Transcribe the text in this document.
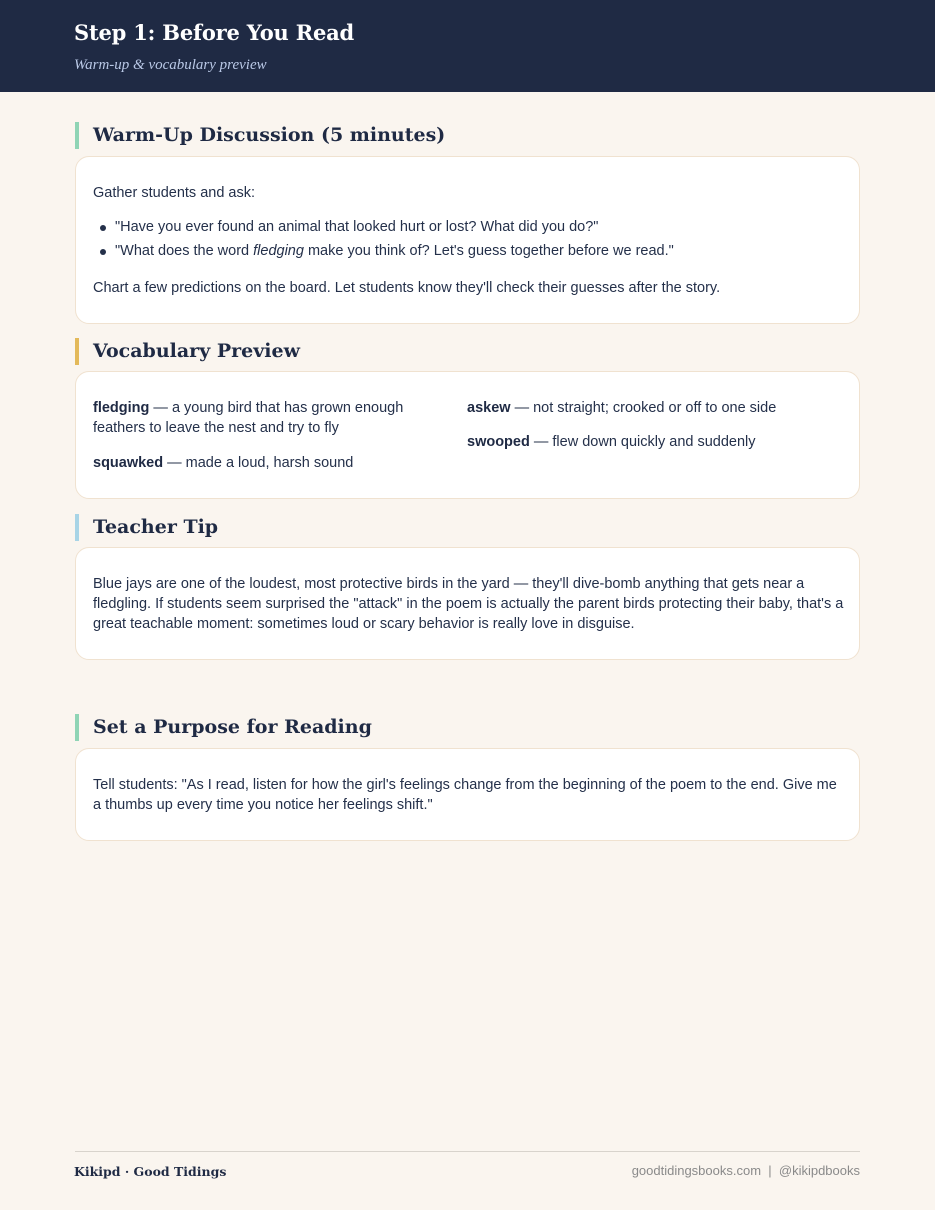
Step 1: Before You Read
Warm-up & vocabulary preview
Warm-Up Discussion (5 minutes)

Gather students and ask:

"Have you ever found an animal that looked hurt or lost? What did you do?"
"What does the word fledging make you think of? Let's guess together before we read."

Chart a few predictions on the board. Let students know they'll check their guesses after the story.

Vocabulary Preview
fledging — a young bird that has grown enough feathers to leave the nest and try to fly
squawked — made a loud, harsh sound
askew — not straight; crooked or off to one side
swooped — flew down quickly and suddenly
Teacher Tip

Blue jays are one of the loudest, most protective birds in the yard — they'll dive-bomb anything that gets near a fledgling. If students seem surprised the "attack" in the poem is actually the parent birds protecting their baby, that's a great teachable moment: sometimes loud or scary behavior is really love in disguise.

Set a Purpose for Reading

Tell students: "As I read, listen for how the girl's feelings change from the beginning of the poem to the end. Give me a thumbs up every time you notice her feelings shift."

Kikipd · Good Tidings	goodtidingsbooks.com  |  @kikipdbooks
